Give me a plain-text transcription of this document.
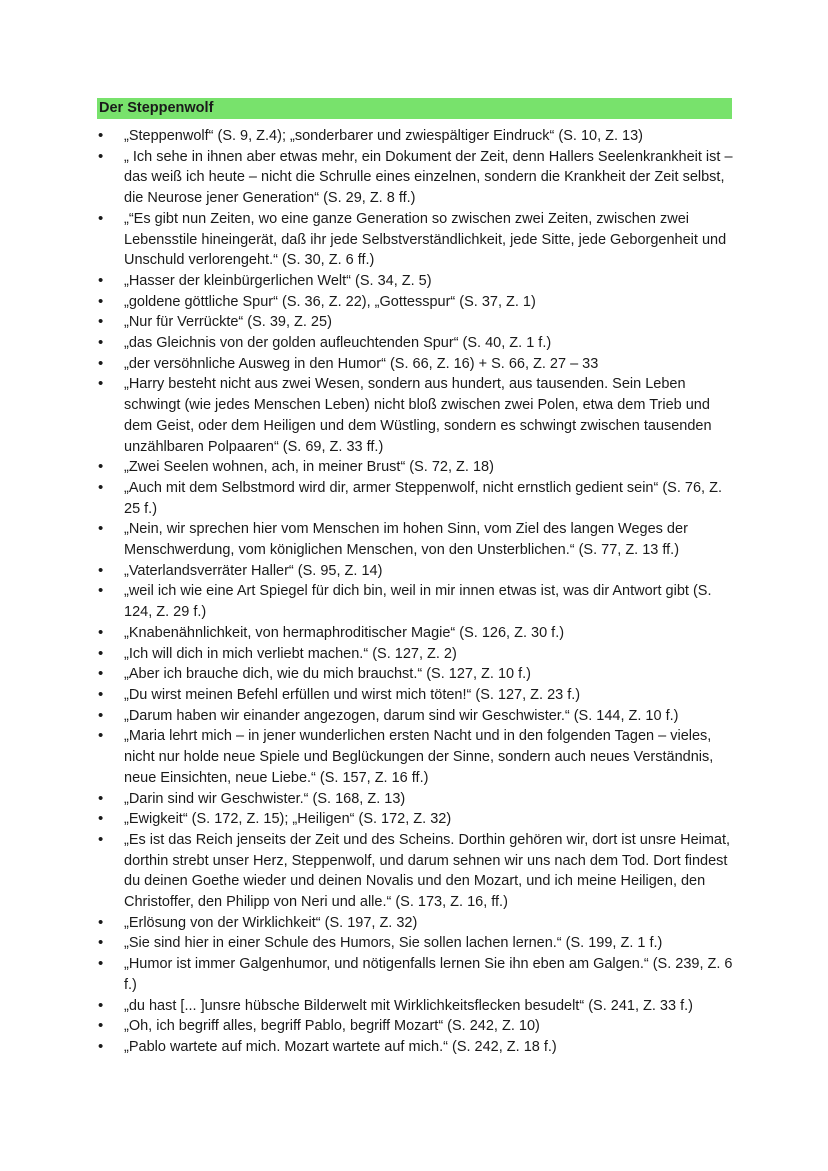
Der Steppenwolf
• „Steppenwolf“ (S. 9, Z.4); „sonderbarer und zwiespältiger Eindruck“ (S. 10, Z. 13)
• „ Ich sehe in ihnen aber etwas mehr, ein Dokument der Zeit, denn Hallers Seelenkrankheit ist – das weiß ich heute – nicht die Schrulle eines einzelnen, sondern die Krankheit der Zeit selbst, die Neurose jener Generation“ (S. 29, Z. 8 ff.)
• „“Es gibt nun Zeiten, wo eine ganze Generation so zwischen zwei Zeiten, zwischen zwei Lebensstile hineingerät, daß ihr jede Selbstverständlichkeit, jede Sitte, jede Geborgenheit und Unschuld verlorengeht.“ (S. 30, Z. 6 ff.)
• „Hasser der kleinbürgerlichen Welt“ (S. 34, Z. 5)
• „goldene göttliche Spur“ (S. 36, Z. 22), „Gottesspur“ (S. 37, Z. 1)
• „Nur für Verrückte“ (S. 39, Z. 25)
• „das Gleichnis von der golden aufleuchtenden Spur“ (S. 40, Z. 1 f.)
• „der versöhnliche Ausweg in den Humor“ (S. 66, Z. 16) + S. 66, Z. 27 – 33
• „Harry besteht nicht aus zwei Wesen, sondern aus hundert, aus tausenden. Sein Leben schwingt (wie jedes Menschen Leben) nicht bloß zwischen zwei Polen, etwa dem Trieb und dem Geist, oder dem Heiligen und dem Wüstling, sondern es schwingt zwischen tausenden unzählbaren Polpaaren“ (S. 69, Z. 33 ff.)
• „Zwei Seelen wohnen, ach, in meiner Brust“ (S. 72, Z. 18)
• „Auch mit dem Selbstmord wird dir, armer Steppenwolf, nicht ernstlich gedient sein“ (S. 76, Z. 25 f.)
• „Nein, wir sprechen hier vom Menschen im hohen Sinn, vom Ziel des langen Weges der Menschwerdung, vom königlichen Menschen, von den Unsterblichen.“ (S. 77, Z. 13 ff.)
• „Vaterlandsverräter Haller“ (S. 95, Z. 14)
• „weil ich wie eine Art Spiegel für dich bin, weil in mir innen etwas ist, was dir Antwort gibt (S. 124, Z. 29 f.)
• „Knabenähnlichkeit, von hermaphroditischer Magie“ (S. 126, Z. 30 f.)
• „Ich will dich in mich verliebt machen.“ (S. 127, Z. 2)
• „Aber ich brauche dich, wie du mich brauchst.“ (S. 127, Z. 10 f.)
• „Du wirst meinen Befehl erfüllen und wirst mich töten!“ (S. 127, Z. 23 f.)
• „Darum haben wir einander angezogen, darum sind wir Geschwister.“ (S. 144, Z. 10 f.)
• „Maria lehrt mich – in jener wunderlichen ersten Nacht und in den folgenden Tagen – vieles, nicht nur holde neue Spiele und Beglückungen der Sinne, sondern auch neues Verständnis, neue Einsichten, neue Liebe.“ (S. 157, Z. 16 ff.)
• „Darin sind wir Geschwister.“ (S. 168, Z. 13)
• „Ewigkeit“ (S. 172, Z. 15); „Heiligen“ (S. 172, Z. 32)
• „Es ist das Reich jenseits der Zeit und des Scheins. Dorthin gehören wir, dort ist unsre Heimat, dorthin strebt unser Herz, Steppenwolf, und darum sehnen wir uns nach dem Tod. Dort findest du deinen Goethe wieder und deinen Novalis und den Mozart, und ich meine Heiligen, den Christoffer, den Philipp von Neri und alle.“ (S. 173, Z. 16, ff.)
• „Erlösung von der Wirklichkeit“ (S. 197, Z. 32)
• „Sie sind hier in einer Schule des Humors, Sie sollen lachen lernen.“ (S. 199, Z. 1 f.)
• „Humor ist immer Galgenhumor, und nötigenfalls lernen Sie ihn eben am Galgen.“ (S. 239, Z. 6 f.)
• „du hast [... ]unsre hübsche Bilderwelt mit Wirklichkeitsflecken besudelt“ (S. 241, Z. 33 f.)
• „Oh, ich begriff alles, begriff Pablo, begriff Mozart“ (S. 242, Z. 10)
• „Pablo wartete auf mich. Mozart wartete auf mich.“ (S. 242, Z. 18 f.)
